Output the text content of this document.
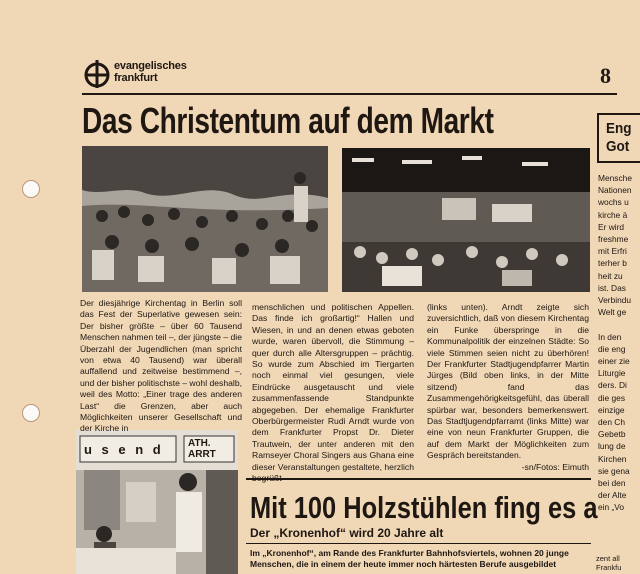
evangelisches
frankfurt	8
Das Christentum auf dem Markt
u s e n d ATH. ARRT

Der diesjährige Kirchentag in Berlin soll das Fest der Superlative gewesen sein: Der bisher größte – über 60 Tausend Menschen nahmen teil –, der jüngste – die Überzahl der Jugendlichen (man spricht von etwa 40 Tausend) war überall auffallend und zeitweise bestimmend –, und der bisher politischste – wohl deshalb, weil des Motto: „Einer trage des anderen Last“ die Grenzen, aber auch Möglichkeiten unserer Gesellschaft und der Kirche in

menschlichen und politischen Appellen. Das finde ich großartig!“ Hallen und Wiesen, in und an denen etwas geboten wurde, waren übervoll, die Stimmung – quer durch alle Altersgruppen – prächtig. So wurde zum Abschied im Tiergarten noch einmal viel gesungen, viele Eindrücke ausgetauscht und viele zusammenfassende Standpunkte abgegeben. Der ehemalige Frankfurter Oberbürgermeister Rudi Arndt wurde von dem Frankfurter Propst Dr. Dieter Trautwein, der unter anderen mit den Ramseyer Choral Singers aus Ghana eine dieser Veranstaltungen gestaltete, herzlich

(links unten). Arndt zeigte sich zuversichtlich, daß von diesem Kirchentag ein Funke überspringe in die Kommunalpolitik der einzelnen Städte: So viele Stimmen seien nicht zu überhören! Der Frankfurter Stadtjugendpfarrer Martin Jürges (Bild oben links, in der Mitte sitzend) fand das Zusammengehörigkeitsgefühl, das überall spürbar war, besonders bemerkenswert. Das Stadtjugendpfarramt (links Mitte) war eine von neun Frankfurter Gruppen, die auf dem Markt der Möglichkeiten zum Gespräch bereitstanden.

-sn/Fotos: Eimuth

Mit 100 Holzstühlen fing es a
Der „Kronenhof“ wird 20 Jahre alt
Im „Kronenhof“, am Rande des Frankfurter Bahnhofsviertels, wohnen 20 junge Menschen, die in einem der heute immer noch härtesten Berufe ausgebildet
Eng
Got
Mensche
Nationen
wochs u
kirche ä
Er wird
freshme
mit Erfri
terher b
heit zu
ist. Das
Verbindu
Welt ge

In den
die eng
einer zie
Liturgie
ders. Di
die ges
einzige
den Ch
Gebetb
lung de
Kirchen
sie gena
bei den
der Alte
ein „Vo
zent all
Frankfu
